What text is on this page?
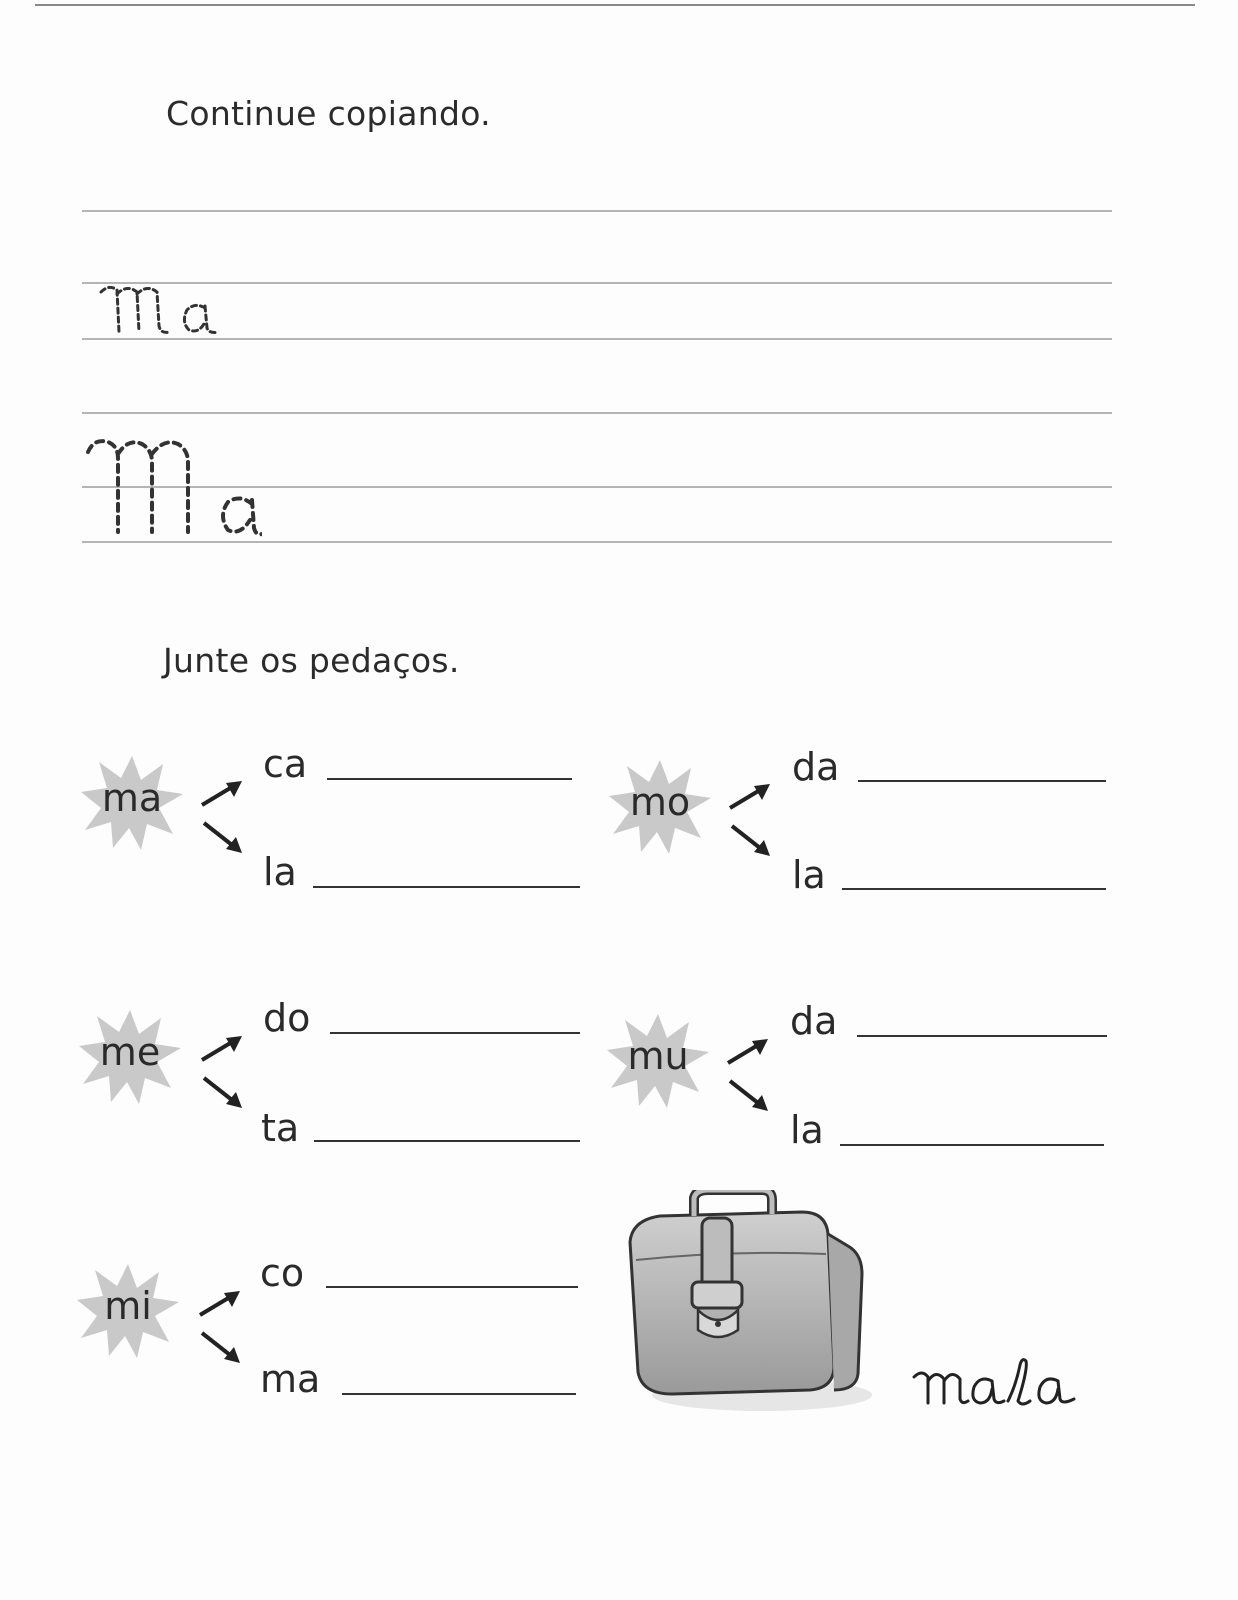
Continue copiando.
Junte os pedaços.
ma
ca
la
mo
da
la
me
do
ta
mu
da
la
mi
co
ma
